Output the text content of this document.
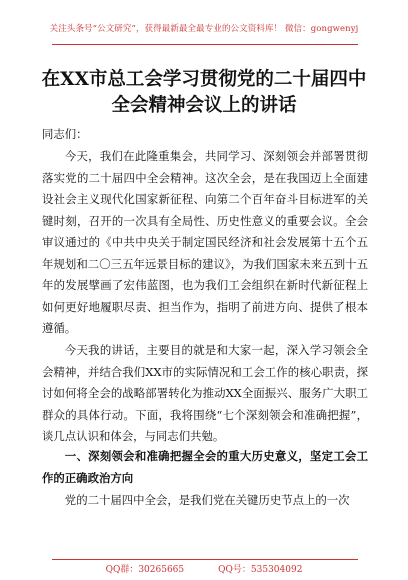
关注头条号“公文研究”，获得最新最全最专业的公文资料库！ 微信：gongwenyj
在XX市总工会学习贯彻党的二十届四中全会精神会议上的讲话
同志们：
今天，我们在此隆重集会，共同学习、深刻领会并部署贯彻落实党的二十届四中全会精神。这次全会，是在我国迈上全面建设社会主义现代化国家新征程、向第二个百年奋斗目标进军的关键时刻，召开的一次具有全局性、历史性意义的重要会议。全会审议通过的《中共中央关于制定国民经济和社会发展第十五个五年规划和二〇三五年远景目标的建议》，为我们国家未来五到十五年的发展擘画了宏伟蓝图，也为我们工会组织在新时代新征程上如何更好地履职尽责、担当作为，指明了前进方向、提供了根本遵循。
今天我的讲话，主要目的就是和大家一起，深入学习领会全会精神，并结合我们XX市的实际情况和工会工作的核心职责，探讨如何将全会的战略部署转化为推动XX全面振兴、服务广大职工群众的具体行动。下面，我将围绕“七个深刻领会和准确把握”，谈几点认识和体会，与同志们共勉。
一、深刻领会和准确把握全会的重大历史意义，坚定工会工作的正确政治方向
党的二十届四中全会，是我们党在关键历史节点上的一次
QQ群：30265665	QQ号：535304092
